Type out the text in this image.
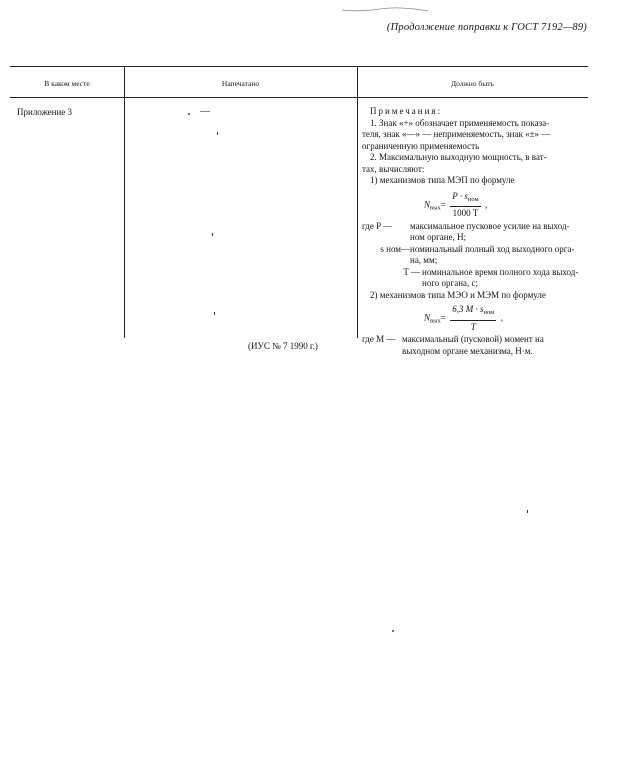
(Продолжение поправки к ГОСТ 7192—89)
В каком месте	Напечатано	Должно быть
Приложение 3	—	Примечания:
1. Знак «+» обозначает применяемость показа-
теля, знак «—» — неприменяемость, знак «±» —
ограниченную применяемость
2. Максимальную выходную мощность, в ват-
тах, вычисляют:
1) механизмов типа МЭП по формуле
$N_{вых}= \frac{P \cdot s_{ном}}{1000 T}$ ,
где P —	максимальное пусковое усилие на выход-
ном органе, Н;
s ном— номинальный полный ход выходного орга-
на, мм;
T — номинальное время полного хода выход-
ного органа, с;
2) механизмов типа МЭО и МЭМ по формуле
$N_{вых}= \frac{6,3 M \cdot s_{ном}}{T}$ ,
где M — максимальный (пусковой) момент на
выходном органе механизма, Н·м.
(ИУС № 7 1990 г.)
